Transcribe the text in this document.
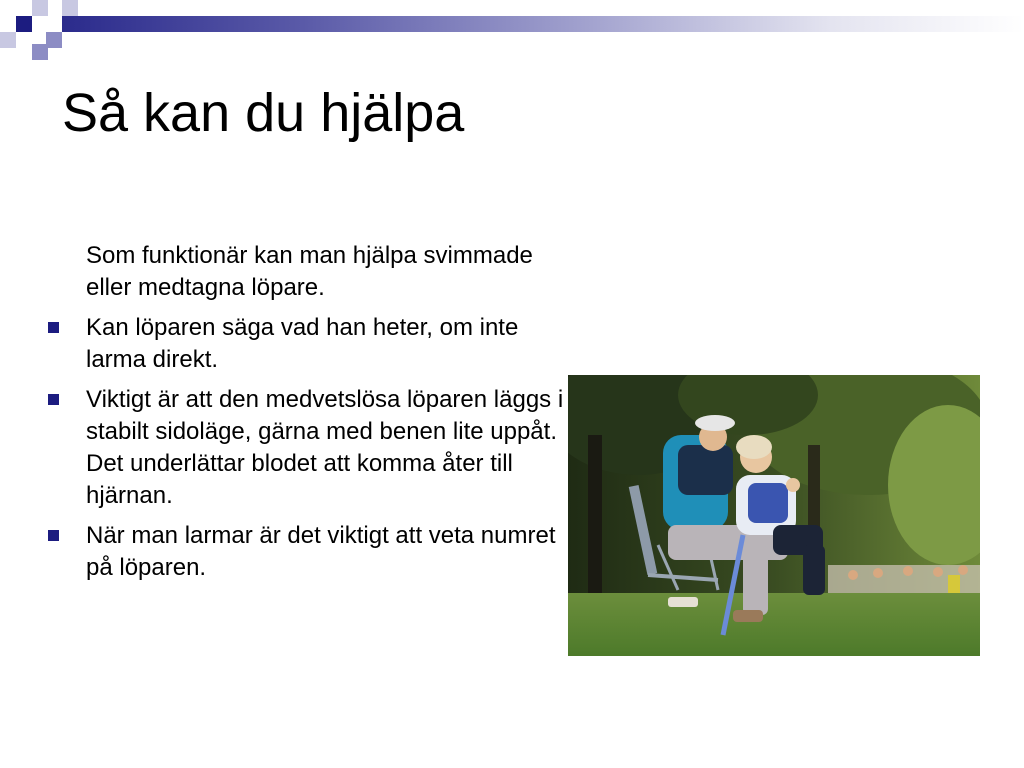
Så kan du hjälpa
Som funktionär kan man hjälpa svimmade eller medtagna löpare.
Kan löparen säga vad han heter, om inte larma direkt.
Viktigt är att den medvetslösa löparen läggs i stabilt sidoläge, gärna med benen lite uppåt. Det underlättar blodet att komma åter till hjärnan.
När man larmar är det viktigt att veta numret på löparen.
